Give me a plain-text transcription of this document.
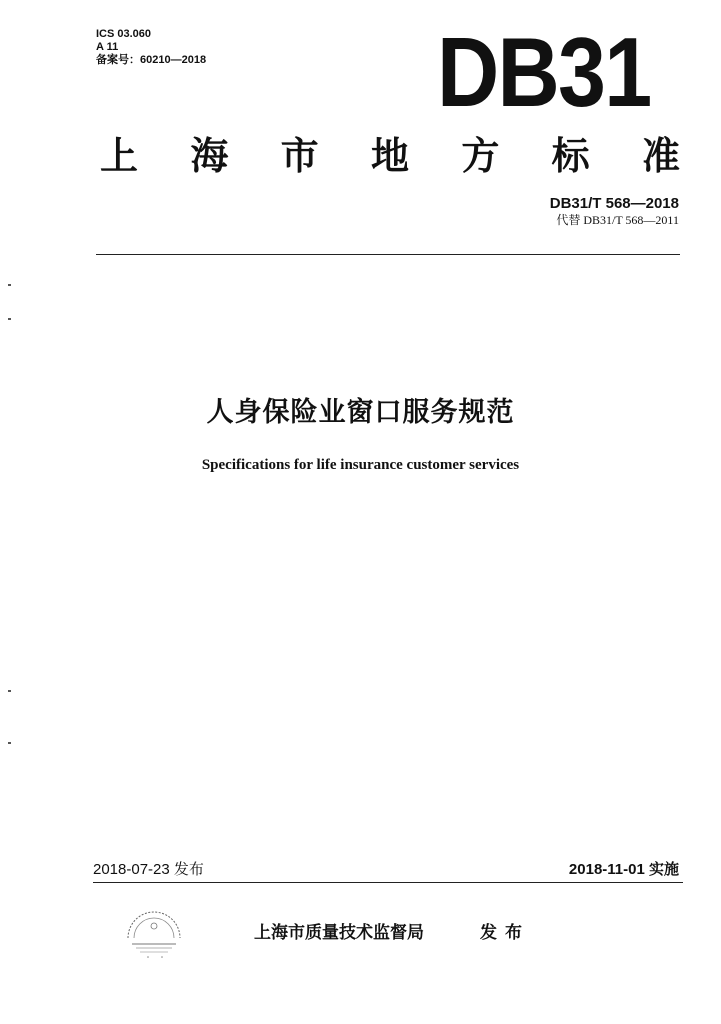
ICS 03.060
A 11
备案号：60210—2018 DB31
上 海 市 地 方 标 准
DB31/T 568—2018
代替 DB31/T 568—2011
人身保险业窗口服务规范
Specifications for life insurance customer services
2018-07-23 发布	2018-11-01 实施
上海市质量技术监督局	发布
